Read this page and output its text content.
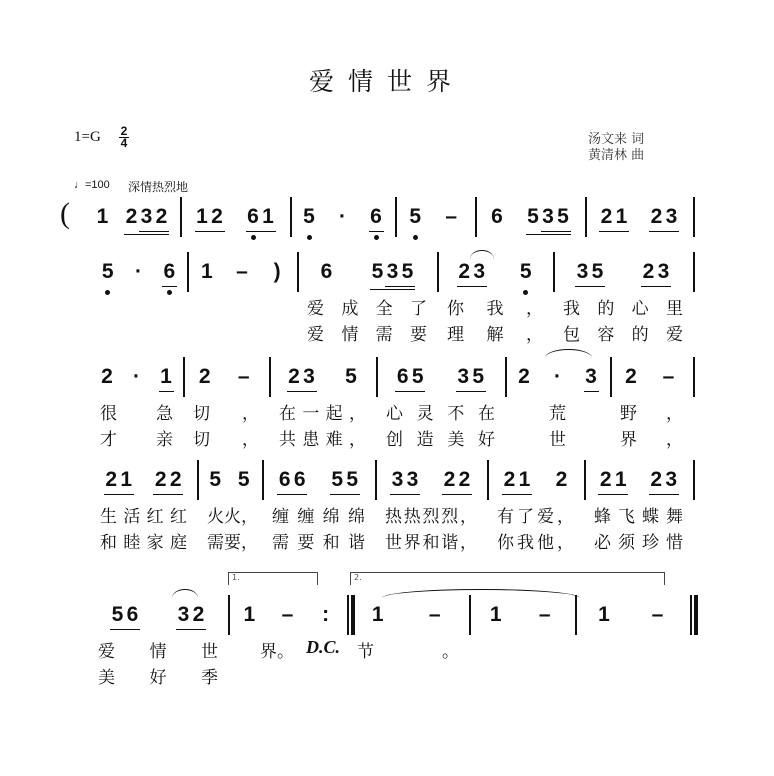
爱情世界
1=G 2
4	汤文来 词
黄清林 曲
♩=100 深情热烈地
D.C.
( 1 2 3 2 1 2 6 1 5	·	6 5 – 6 5 3 5 2 1 2 3
5	·	6 1 – ) 6 5 3 5
爱成全了
爱情需要
2 3 5
你我，
理解，
3 5 2 3
我的心里
包容的爱
2 · 1
很急
才亲
2 –
切，
切，
2 3 5
在一起，
共患难，
6 5 3 5
心灵不在
创造美好
2	·	3
荒
世
2 –
野，
界，
2 1 2 2
生活红红
和睦家庭
5 5
火火，
需要，
6 6 5 5
缠缠绵绵
需要和谐
3 3 2 2
热热烈烈，
世界和谐，
2 1 2
有了爱，
你我他，
2 1 2 3
蜂飞蝶舞
必须珍惜
5 6 3 2
爱情世
美好季
1 – :
界。
1 –
节。
1 – 1 –
1.	2.
